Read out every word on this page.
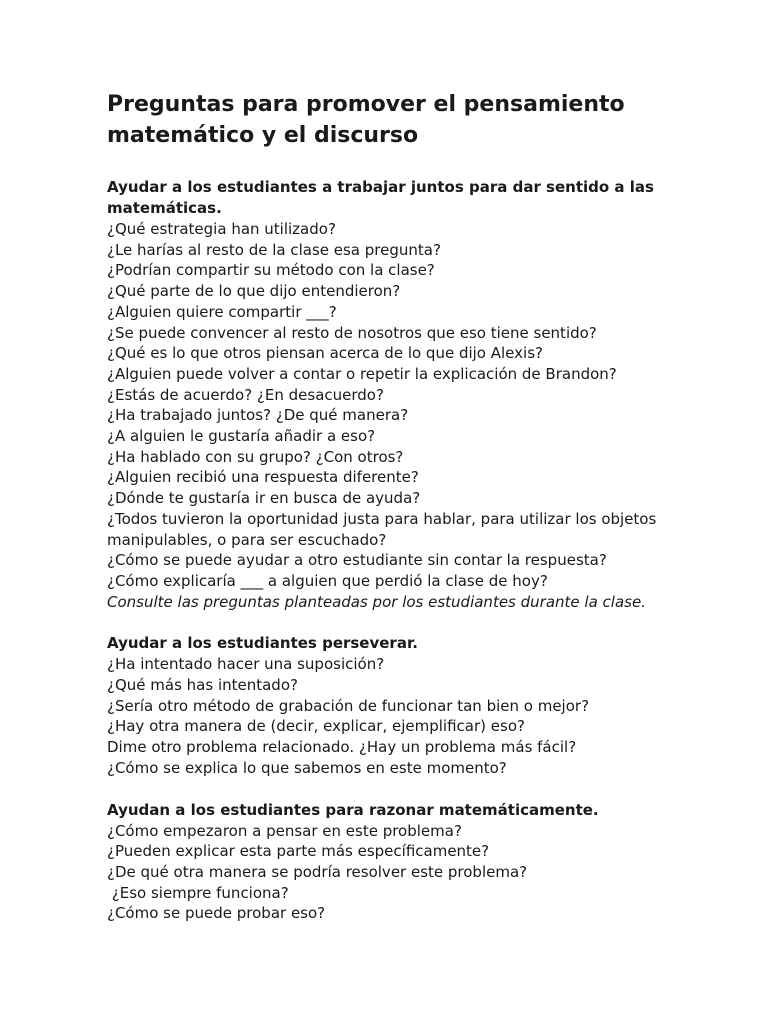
Preguntas para promover el pensamiento matemático y el discurso

Ayudar a los estudiantes a trabajar juntos para dar sentido a las matemáticas.

¿Qué estrategia han utilizado?
¿Le harías al resto de la clase esa pregunta?
¿Podrían compartir su método con la clase?
¿Qué parte de lo que dijo entendieron?
¿Alguien quiere compartir ___?
¿Se puede convencer al resto de nosotros que eso tiene sentido?
¿Qué es lo que otros piensan acerca de lo que dijo Alexis?
¿Alguien puede volver a contar o repetir la explicación de Brandon?
¿Estás de acuerdo? ¿En desacuerdo?
¿Ha trabajado juntos? ¿De qué manera?
¿A alguien le gustaría añadir a eso?
¿Ha hablado con su grupo? ¿Con otros?
¿Alguien recibió una respuesta diferente?
¿Dónde te gustaría ir en busca de ayuda?
¿Todos tuvieron la oportunidad justa para hablar, para utilizar los objetos manipulables, o para ser escuchado?
¿Cómo se puede ayudar a otro estudiante sin contar la respuesta?
¿Cómo explicaría ___ a alguien que perdió la clase de hoy?

Consulte las preguntas planteadas por los estudiantes durante la clase.

Ayudar a los estudiantes perseverar.

¿Ha intentado hacer una suposición?
¿Qué más has intentado?
¿Sería otro método de grabación de funcionar tan bien o mejor?
¿Hay otra manera de (decir, explicar, ejemplificar) eso?
Dime otro problema relacionado. ¿Hay un problema más fácil?
¿Cómo se explica lo que sabemos en este momento?

Ayudan a los estudiantes para razonar matemáticamente.

¿Cómo empezaron a pensar en este problema?
¿Pueden explicar esta parte más específicamente?
¿De qué otra manera se podría resolver este problema?
¿Eso siempre funciona?
¿Cómo se puede probar eso?
